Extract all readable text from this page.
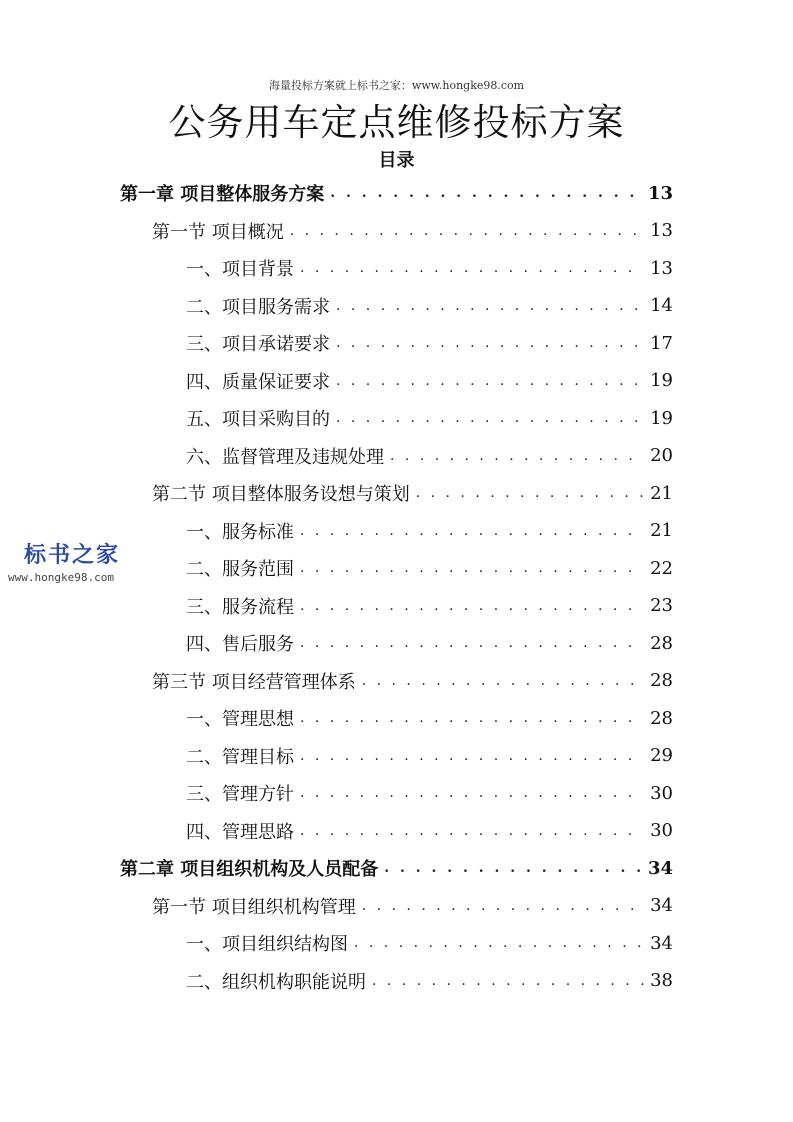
海量投标方案就上标书之家：www.hongke98.com
公务用车定点维修投标方案
目录
第一章 项目整体服务方案 . . .	13
第一节 项目概况 . . .	13
一、项目背景 . . .	13
二、项目服务需求 . . .	14
三、项目承诺要求 . . .	17
四、质量保证要求 . . .	19
五、项目采购目的 . . .	19
六、监督管理及违规处理 . . .	20
第二节 项目整体服务设想与策划 . . .	21
一、服务标准 . . .	21
二、服务范围 . . .	22
三、服务流程 . . .	23
四、售后服务 . . .	28
第三节 项目经营管理体系 . . .	28
一、管理思想 . . .	28
二、管理目标 . . .	29
三、管理方针 . . .	30
四、管理思路 . . .	30
第二章 项目组织机构及人员配备 . . .	34
第一节 项目组织机构管理 . . .	34
一、项目组织结构图 . . .	34
二、组织机构职能说明 . . .	38
标书之家
www.hongke98.com
